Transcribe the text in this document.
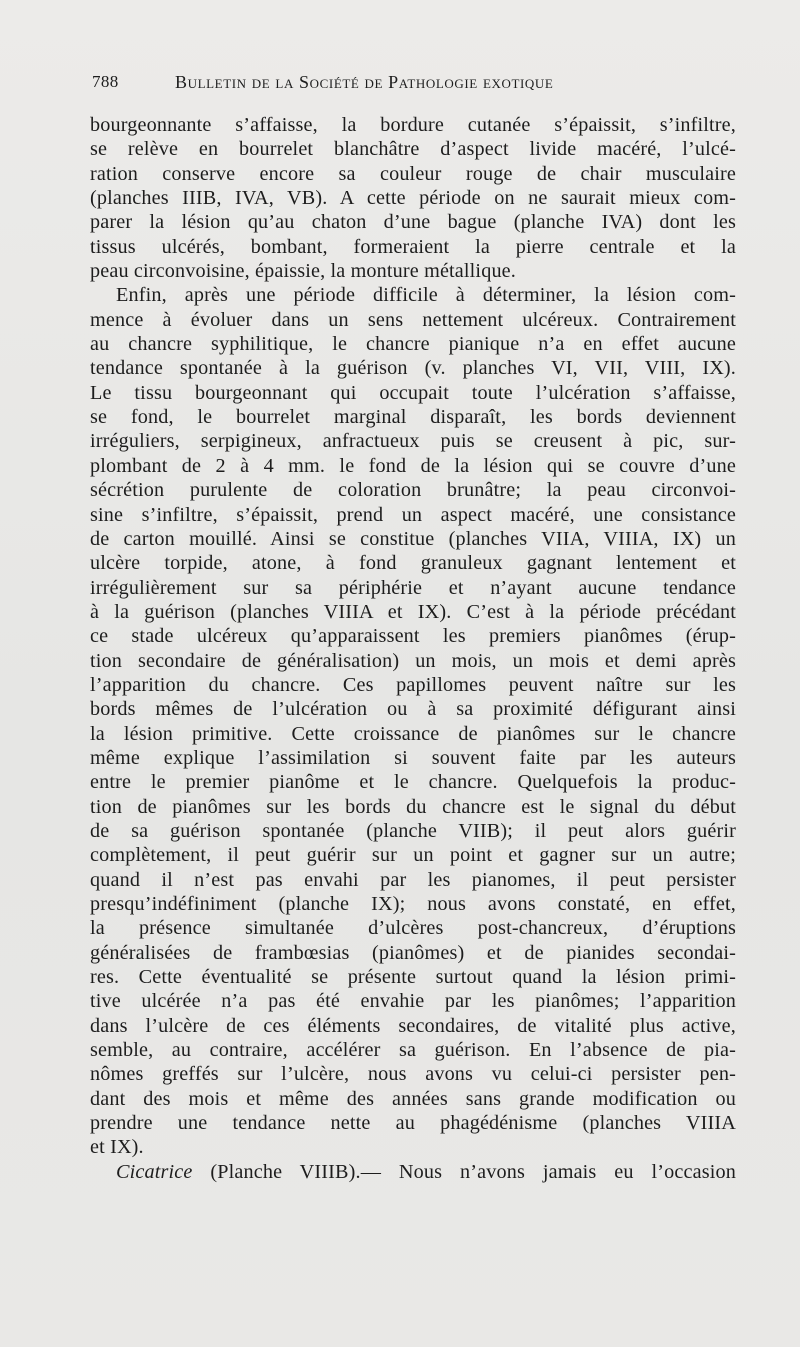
788	Bulletin de la Société de Pathologie exotique
bourgeonnante s’affaisse, la bordure cutanée s’épaissit, s’infiltre,
se relève en bourrelet blanchâtre d’aspect livide macéré, l’ulcé-
ration conserve encore sa couleur rouge de chair musculaire
(planches IIIB, IVA, VB). A cette période on ne saurait mieux com-
parer la lésion qu’au chaton d’une bague (planche IVA) dont les
tissus ulcérés, bombant, formeraient la pierre centrale et la
peau circonvoisine, épaissie, la monture métallique.
Enfin, après une période difficile à déterminer, la lésion com-
mence à évoluer dans un sens nettement ulcéreux. Contrairement
au chancre syphilitique, le chancre pianique n’a en effet aucune
tendance spontanée à la guérison (v. planches VI, VII, VIII, IX).
Le tissu bourgeonnant qui occupait toute l’ulcération s’affaisse,
se fond, le bourrelet marginal disparaît, les bords deviennent
irréguliers, serpigineux, anfractueux puis se creusent à pic, sur-
plombant de 2 à 4 mm. le fond de la lésion qui se couvre d’une
sécrétion purulente de coloration brunâtre; la peau circonvoi-
sine s’infiltre, s’épaissit, prend un aspect macéré, une consistance
de carton mouillé. Ainsi se constitue (planches VIIA, VIIIA, IX) un
ulcère torpide, atone, à fond granuleux gagnant lentement et
irrégulièrement sur sa périphérie et n’ayant aucune tendance
à la guérison (planches VIIIA et IX). C’est à la période précédant
ce stade ulcéreux qu’apparaissent les premiers pianômes (érup-
tion secondaire de généralisation) un mois, un mois et demi après
l’apparition du chancre. Ces papillomes peuvent naître sur les
bords mêmes de l’ulcération ou à sa proximité défigurant ainsi
la lésion primitive. Cette croissance de pianômes sur le chancre
même explique l’assimilation si souvent faite par les auteurs
entre le premier pianôme et le chancre. Quelquefois la produc-
tion de pianômes sur les bords du chancre est le signal du début
de sa guérison spontanée (planche VIIB); il peut alors guérir
complètement, il peut guérir sur un point et gagner sur un autre;
quand il n’est pas envahi par les pianomes, il peut persister
presqu’indéfiniment (planche IX); nous avons constaté, en effet,
la présence simultanée d’ulcères post-chancreux, d’éruptions
généralisées de frambœsias (pianômes) et de pianides secondai-
res. Cette éventualité se présente surtout quand la lésion primi-
tive ulcérée n’a pas été envahie par les pianômes; l’apparition
dans l’ulcère de ces éléments secondaires, de vitalité plus active,
semble, au contraire, accélérer sa guérison. En l’absence de pia-
nômes greffés sur l’ulcère, nous avons vu celui-ci persister pen-
dant des mois et même des années sans grande modification ou
prendre une tendance nette au phagédénisme (planches VIIIA
et IX).
Cicatrice (Planche VIIIB).— Nous n’avons jamais eu l’occasion
